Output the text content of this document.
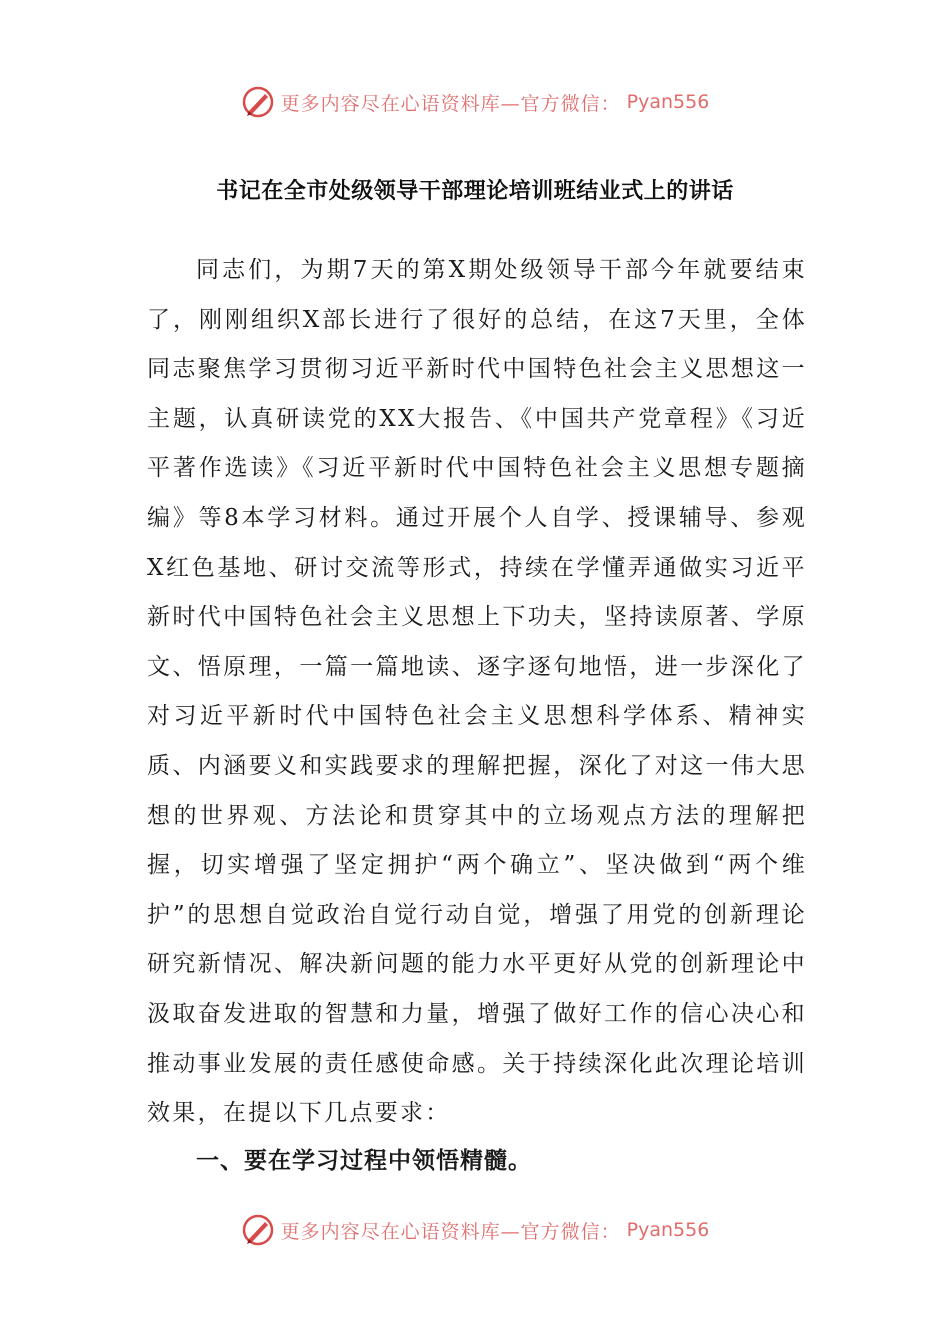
更多内容尽在心语资料库—官方微信： Pyan556
书记在全市处级领导干部理论培训班结业式上的讲话

同志们，为期7天的第X期处级领导干部今年就要结束了，刚刚组织X部长进行了很好的总结，在这7天里，全体同志聚焦学习贯彻习近平新时代中国特色社会主义思想这一主题，认真研读党的XX大报告、《中国共产党章程》《习近平著作选读》《习近平新时代中国特色社会主义思想专题摘编》等8本学习材料。通过开展个人自学、授课辅导、参观X红色基地、研讨交流等形式，持续在学懂弄通做实习近平新时代中国特色社会主义思想上下功夫，坚持读原著、学原文、悟原理，一篇一篇地读、逐字逐句地悟，进一步深化了对习近平新时代中国特色社会主义思想科学体系、精神实质、内涵要义和实践要求的理解把握，深化了对这一伟大思想的世界观、方法论和贯穿其中的立场观点方法的理解把握，切实增强了坚定拥护“两个确立”、坚决做到“两个维护”的思想自觉政治自觉行动自觉，增强了用党的创新理论研究新情况、解决新问题的能力水平更好从党的创新理论中汲取奋发进取的智慧和力量，增强了做好工作的信心决心和推动事业发展的责任感使命感。关于持续深化此次理论培训效果，在提以下几点要求：

一、要在学习过程中领悟精髓。

更多内容尽在心语资料库—官方微信： Pyan556
